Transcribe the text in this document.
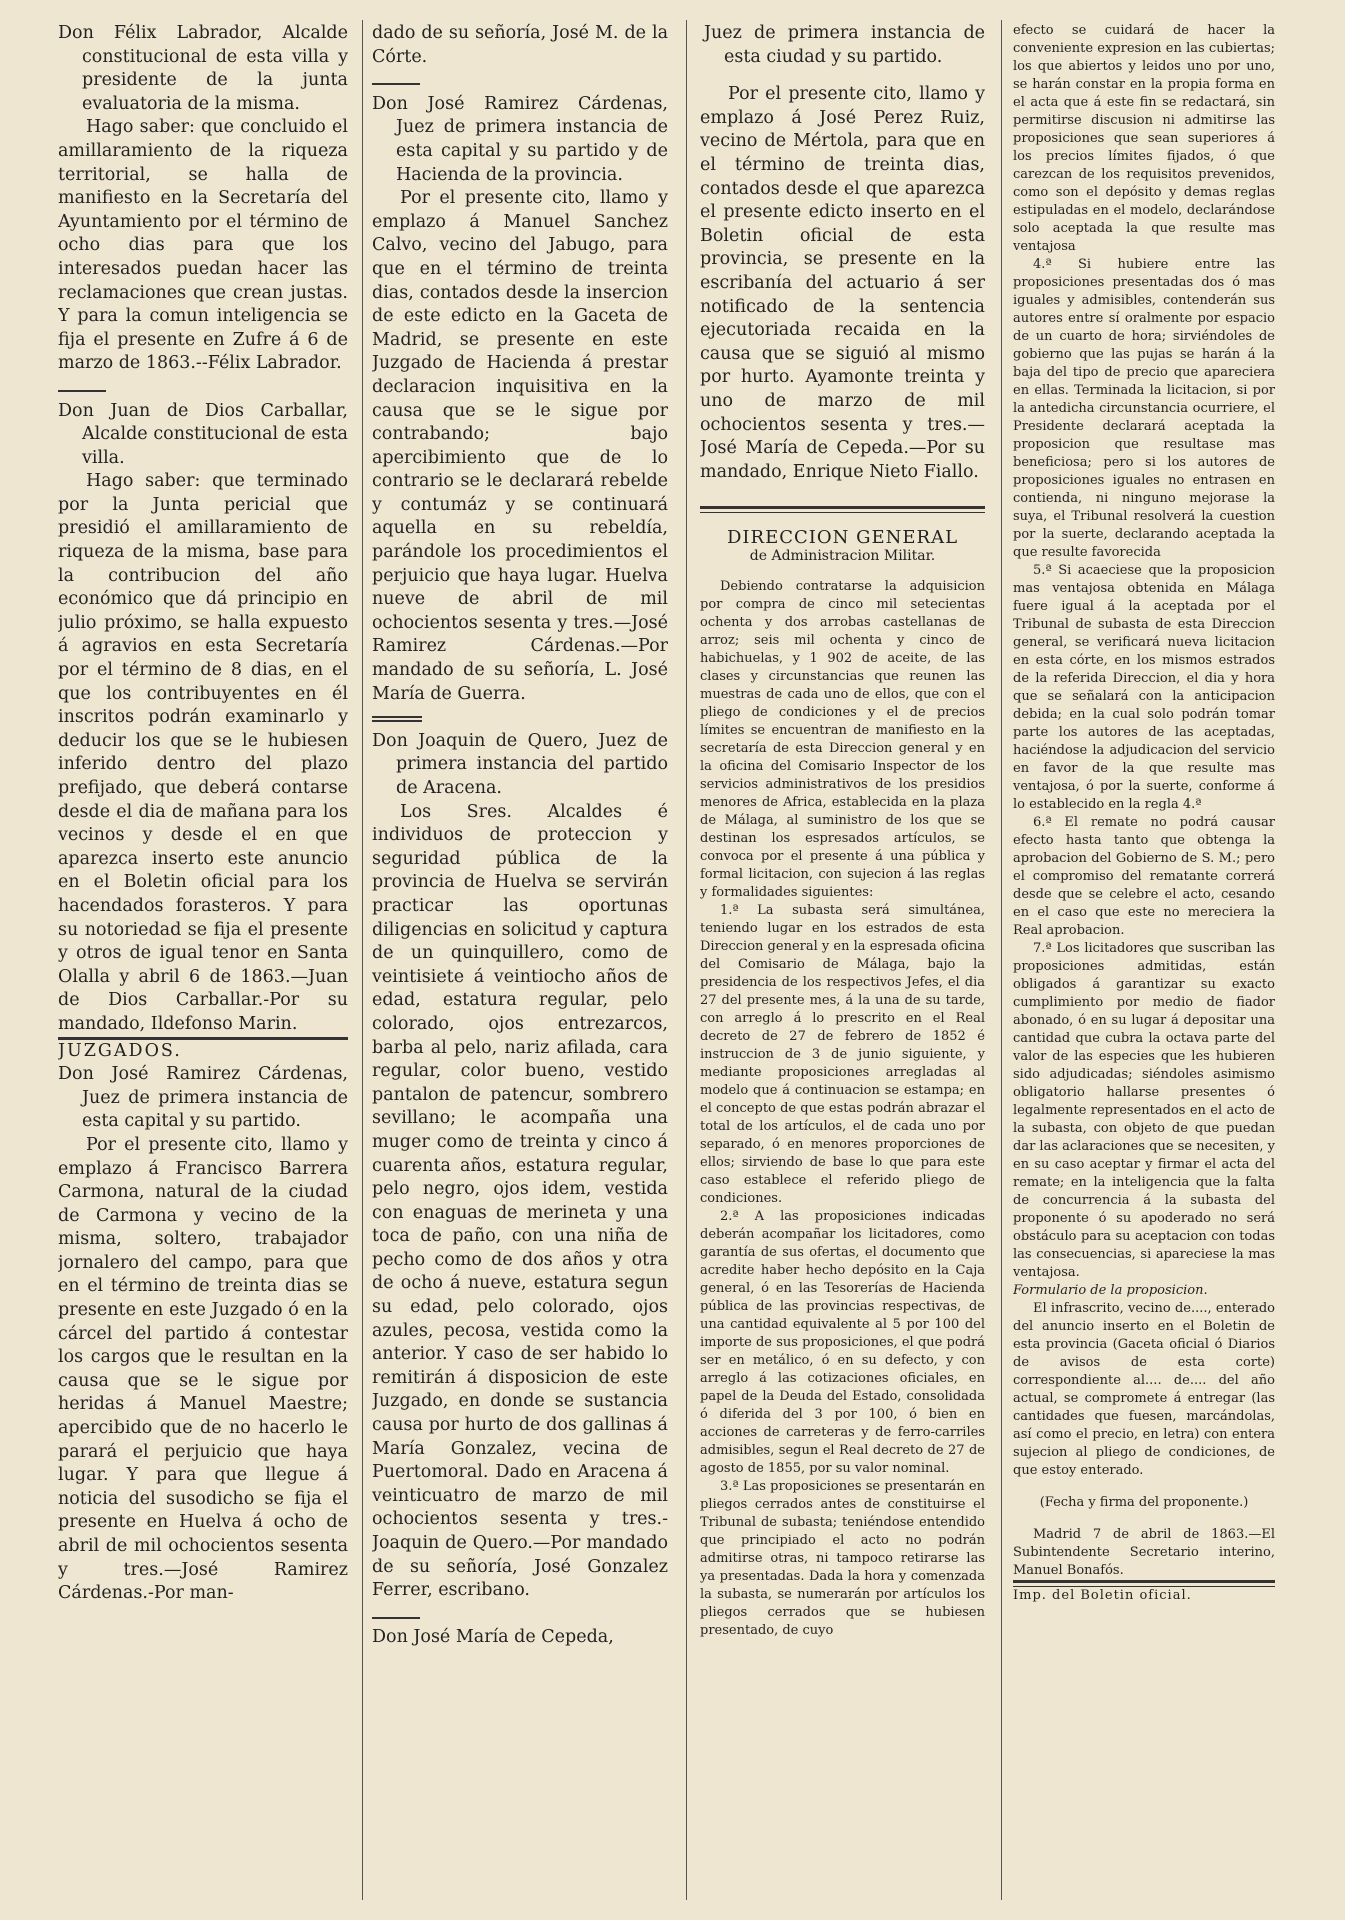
Don Félix Labrador, Alcalde constitucional de esta villa y presidente de la junta evaluatoria de la misma.

Hago saber: que concluido el amillaramiento de la riqueza territorial, se halla de manifiesto en la Secretaría del Ayuntamiento por el término de ocho dias para que los interesados puedan hacer las reclamaciones que crean justas. Y para la comun inteligencia se fija el presente en Zufre á 6 de marzo de 1863.--Félix Labrador.

Don Juan de Dios Carballar, Alcalde constitucional de esta villa.

Hago saber: que terminado por la Junta pericial que presidió el amillaramiento de riqueza de la misma, base para la contribucion del año económico que dá principio en julio próximo, se halla expuesto á agravios en esta Secretaría por el término de 8 dias, en el que los contribuyentes en él inscritos podrán examinarlo y deducir los que se le hubiesen inferido dentro del plazo prefijado, que deberá contarse desde el dia de mañana para los vecinos y desde el en que aparezca inserto este anuncio en el Boletin oficial para los hacendados forasteros. Y para su notoriedad se fija el presente y otros de igual tenor en Santa Olalla y abril 6 de 1863.—Juan de Dios Carballar.-Por su mandado, Ildefonso Marin.

JUZGADOS.
Don José Ramirez Cárdenas, Juez de primera instancia de esta capital y su partido.

Por el presente cito, llamo y emplazo á Francisco Barrera Carmona, natural de la ciudad de Carmona y vecino de la misma, soltero, trabajador jornalero del campo, para que en el término de treinta dias se presente en este Juzgado ó en la cárcel del partido á contestar los cargos que le resultan en la causa que se le sigue por heridas á Manuel Maestre; apercibido que de no hacerlo le parará el perjuicio que haya lugar. Y para que llegue á noticia del susodicho se fija el presente en Huelva á ocho de abril de mil ochocientos sesenta y tres.—José Ramirez Cárdenas.-Por man-

dado de su señoría, José M. de la Córte.

Don José Ramirez Cárdenas, Juez de primera instancia de esta capital y su partido y de Hacienda de la provincia.

Por el presente cito, llamo y emplazo á Manuel Sanchez Calvo, vecino del Jabugo, para que en el término de treinta dias, contados desde la insercion de este edicto en la Gaceta de Madrid, se presente en este Juzgado de Hacienda á prestar declaracion inquisitiva en la causa que se le sigue por contrabando; bajo apercibimiento que de lo contrario se le declarará rebelde y contumáz y se continuará aquella en su rebeldía, parándole los procedimientos el perjuicio que haya lugar. Huelva nueve de abril de mil ochocientos sesenta y tres.—José Ramirez Cárdenas.—Por mandado de su señoría, L. José María de Guerra.

Don Joaquin de Quero, Juez de primera instancia del partido de Aracena.

Los Sres. Alcaldes é individuos de proteccion y seguridad pública de la provincia de Huelva se servirán practicar las oportunas diligencias en solicitud y captura de un quinquillero, como de veintisiete á veintiocho años de edad, estatura regular, pelo colorado, ojos entrezarcos, barba al pelo, nariz afilada, cara regular, color bueno, vestido pantalon de patencur, sombrero sevillano; le acompaña una muger como de treinta y cinco á cuarenta años, estatura regular, pelo negro, ojos idem, vestida con enaguas de merineta y una toca de paño, con una niña de pecho como de dos años y otra de ocho á nueve, estatura segun su edad, pelo colorado, ojos azules, pecosa, vestida como la anterior. Y caso de ser habido lo remitirán á disposicion de este Juzgado, en donde se sustancia causa por hurto de dos gallinas á María Gonzalez, vecina de Puertomoral. Dado en Aracena á veinticuatro de marzo de mil ochocientos sesenta y tres.-Joaquin de Quero.—Por mandado de su señoría, José Gonzalez Ferrer, escribano.

Don José María de Cepeda,

Juez de primera instancia de esta ciudad y su partido.

Por el presente cito, llamo y emplazo á José Perez Ruiz, vecino de Mértola, para que en el término de treinta dias, contados desde el que aparezca el presente edicto inserto en el Boletin oficial de esta provincia, se presente en la escribanía del actuario á ser notificado de la sentencia ejecutoriada recaida en la causa que se siguió al mismo por hurto. Ayamonte treinta y uno de marzo de mil ochocientos sesenta y tres.—José María de Cepeda.—Por su mandado, Enrique Nieto Fiallo.

DIRECCION GENERAL
de Administracion Militar.

Debiendo contratarse la adquisicion por compra de cinco mil setecientas ochenta y dos arrobas castellanas de arroz; seis mil ochenta y cinco de habichuelas, y 1 902 de aceite, de las clases y circunstancias que reunen las muestras de cada uno de ellos, que con el pliego de condiciones y el de precios límites se encuentran de manifiesto en la secretaría de esta Direccion general y en la oficina del Comisario Inspector de los servicios administrativos de los presidios menores de Africa, establecida en la plaza de Málaga, al suministro de los que se destinan los espresados artículos, se convoca por el presente á una pública y formal licitacion, con sujecion á las reglas y formalidades siguientes:

1.ª La subasta será simultánea, teniendo lugar en los estrados de esta Direccion general y en la espresada oficina del Comisario de Málaga, bajo la presidencia de los respectivos Jefes, el dia 27 del presente mes, á la una de su tarde, con arreglo á lo prescrito en el Real decreto de 27 de febrero de 1852 é instruccion de 3 de junio siguiente, y mediante proposiciones arregladas al modelo que á continuacion se estampa; en el concepto de que estas podrán abrazar el total de los artículos, el de cada uno por separado, ó en menores proporciones de ellos; sirviendo de base lo que para este caso establece el referido pliego de condiciones.

2.ª A las proposiciones indicadas deberán acompañar los licitadores, como garantía de sus ofertas, el documento que acredite haber hecho depósito en la Caja general, ó en las Tesorerías de Hacienda pública de las provincias respectivas, de una cantidad equivalente al 5 por 100 del importe de sus proposiciones, el que podrá ser en metálico, ó en su defecto, y con arreglo á las cotizaciones oficiales, en papel de la Deuda del Estado, consolidada ó diferida del 3 por 100, ó bien en acciones de carreteras y de ferro-carriles admisibles, segun el Real decreto de 27 de agosto de 1855, por su valor nominal.

3.ª Las proposiciones se presentarán en pliegos cerrados antes de constituirse el Tribunal de subasta; teniéndose entendido que principiado el acto no podrán admitirse otras, ni tampoco retirarse las ya presentadas. Dada la hora y comenzada la subasta, se numerarán por artículos los pliegos cerrados que se hubiesen presentado, de cuyo

efecto se cuidará de hacer la conveniente expresion en las cubiertas; los que abiertos y leidos uno por uno, se harán constar en la propia forma en el acta que á este fin se redactará, sin permitirse discusion ni admitirse las proposiciones que sean superiores á los precios límites fijados, ó que carezcan de los requisitos prevenidos, como son el depósito y demas reglas estipuladas en el modelo, declarándose solo aceptada la que resulte mas ventajosa

4.ª Si hubiere entre las proposiciones presentadas dos ó mas iguales y admisibles, contenderán sus autores entre sí oralmente por espacio de un cuarto de hora; sirviéndoles de gobierno que las pujas se harán á la baja del tipo de precio que apareciera en ellas. Terminada la licitacion, si por la antedicha circunstancia ocurriere, el Presidente declarará aceptada la proposicion que resultase mas beneficiosa; pero si los autores de proposiciones iguales no entrasen en contienda, ni ninguno mejorase la suya, el Tribunal resolverá la cuestion por la suerte, declarando aceptada la que resulte favorecida

5.ª Si acaeciese que la proposicion mas ventajosa obtenida en Málaga fuere igual á la aceptada por el Tribunal de subasta de esta Direccion general, se verificará nueva licitacion en esta córte, en los mismos estrados de la referida Direccion, el dia y hora que se señalará con la anticipacion debida; en la cual solo podrán tomar parte los autores de las aceptadas, haciéndose la adjudicacion del servicio en favor de la que resulte mas ventajosa, ó por la suerte, conforme á lo establecido en la regla 4.ª

6.ª El remate no podrá causar efecto hasta tanto que obtenga la aprobacion del Gobierno de S. M.; pero el compromiso del rematante correrá desde que se celebre el acto, cesando en el caso que este no mereciera la Real aprobacion.

7.ª Los licitadores que suscriban las proposiciones admitidas, están obligados á garantizar su exacto cumplimiento por medio de fiador abonado, ó en su lugar á depositar una cantidad que cubra la octava parte del valor de las especies que les hubieren sido adjudicadas; siéndoles asimismo obligatorio hallarse presentes ó legalmente representados en el acto de la subasta, con objeto de que puedan dar las aclaraciones que se necesiten, y en su caso aceptar y firmar el acta del remate; en la inteligencia que la falta de concurrencia á la subasta del proponente ó su apoderado no será obstáculo para su aceptacion con todas las consecuencias, si apareciese la mas ventajosa.

Formulario de la proposicion.

El infrascrito, vecino de...., enterado del anuncio inserto en el Boletin de esta provincia (Gaceta oficial ó Diarios de avisos de esta corte) correspondiente al.... de.... del año actual, se compromete á entregar (las cantidades que fuesen, marcándolas, así como el precio, en letra) con entera sujecion al pliego de condiciones, de que estoy enterado.

(Fecha y firma del proponente.)

Madrid 7 de abril de 1863.—El Subintendente Secretario interino, Manuel Bonafós.

Imp. del Boletin oficial.
